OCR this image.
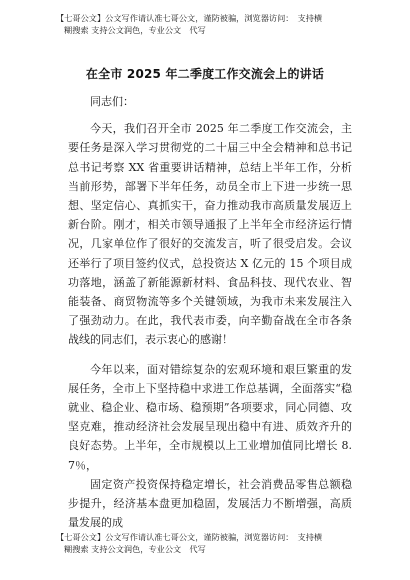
【七哥公文】公文写作请认准七哥公文，谨防被骗，浏览器访问：　支持横
糊搜索 支持公文润色，专业公文　代写
在全市 2025 年二季度工作交流会上的讲话

同志们：

今天，我们召开全市 2025 年二季度工作交流会，主要任务是深入学习贯彻党的二十届三中全会精神和总书记总书记考察 XX 省重要讲话精神，总结上半年工作，分析当前形势，部署下半年任务，动员全市上下进一步统一思想、坚定信心、真抓实干，奋力推动我市高质量发展迈上新台阶。刚才，相关市领导通报了上半年全市经济运行情况，几家单位作了很好的交流发言，听了很受启发。会议还举行了项目签约仪式，总投资达 X 亿元的 15 个项目成功落地，涵盖了新能源新材料、食品科技、现代农业、智能装备、商贸物流等多个关键领域，为我市未来发展注入了强劲动力。在此，我代表市委，向辛勤奋战在全市各条战线的同志们，表示衷心的感谢！

今年以来，面对错综复杂的宏观环境和艰巨繁重的发展任务，全市上下坚持稳中求进工作总基调，全面落实“稳就业、稳企业、稳市场、稳预期”各项要求，同心同德、攻坚克难，推动经济社会发展呈现出稳中有进、质效齐升的良好态势。上半年，全市规模以上工业增加值同比增长 8.7％，

固定资产投资保持稳定增长，社会消费品零售总额稳步提升，经济基本盘更加稳固，发展活力不断增强，高质量发展的成

【七哥公文】公文写作请认准七哥公文，谨防被骗，浏览器访问：　支持横
糊搜索 支持公文润色，专业公文　代写
